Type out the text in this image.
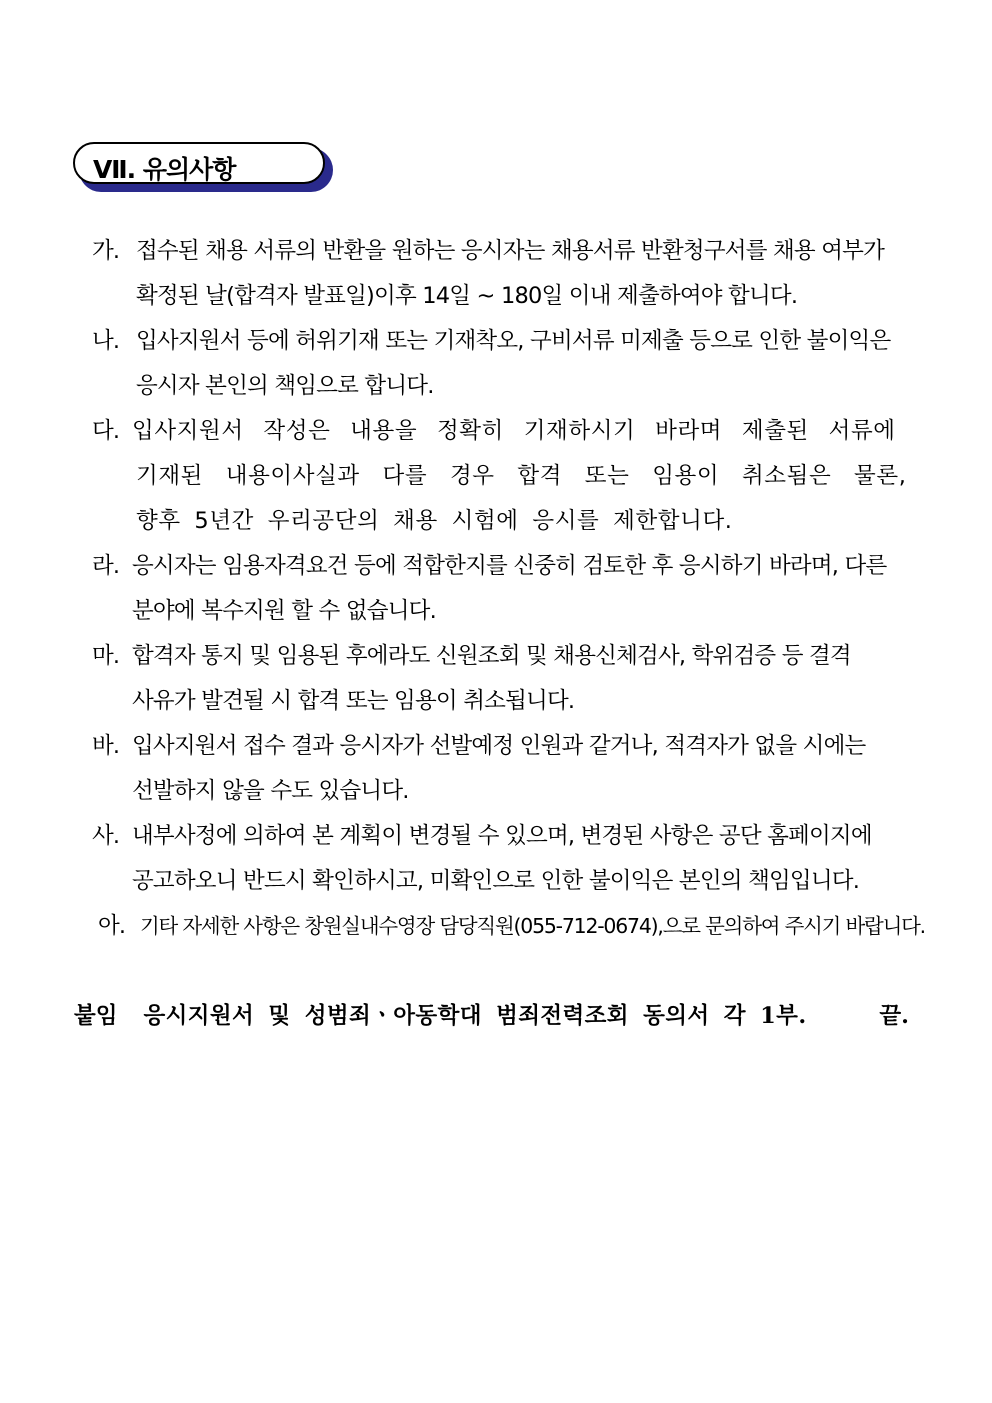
Ⅶ. 유의사항
가. 접수된 채용 서류의 반환을 원하는 응시자는 채용서류 반환청구서를 채용 여부가
확정된 날(합격자 발표일)이후 14일 ~ 180일 이내 제출하여야 합니다.
나. 입사지원서 등에 허위기재 또는 기재착오, 구비서류 미제출 등으로 인한 불이익은
응시자 본인의 책임으로 합니다.
다. 입사지원서 작성은 내용을 정확히 기재하시기 바라며 제출된 서류에
기재된 내용이사실과 다를 경우 합격 또는 임용이 취소됨은 물론,
향후 5년간 우리공단의 채용 시험에 응시를 제한합니다.
라. 응시자는 임용자격요건 등에 적합한지를 신중히 검토한 후 응시하기 바라며, 다른
분야에 복수지원 할 수 없습니다.
마. 합격자 통지 및 임용된 후에라도 신원조회 및 채용신체검사, 학위검증 등 결격
사유가 발견될 시 합격 또는 임용이 취소됩니다.
바. 입사지원서 접수 결과 응시자가 선발예정 인원과 같거나, 적격자가 없을 시에는
선발하지 않을 수도 있습니다.
사. 내부사정에 의하여 본 계획이 변경될 수 있으며, 변경된 사항은 공단 홈페이지에
공고하오니 반드시 확인하시고, 미확인으로 인한 불이익은 본인의 책임입니다.
아. 기타 자세한 사항은 창원실내수영장 담당직원(055-712-0674),으로 문의하여 주시기 바랍니다.
붙임 응시지원서 및 성범죄ㆍ아동학대 범죄전력조회 동의서 각 1부.	끝.
